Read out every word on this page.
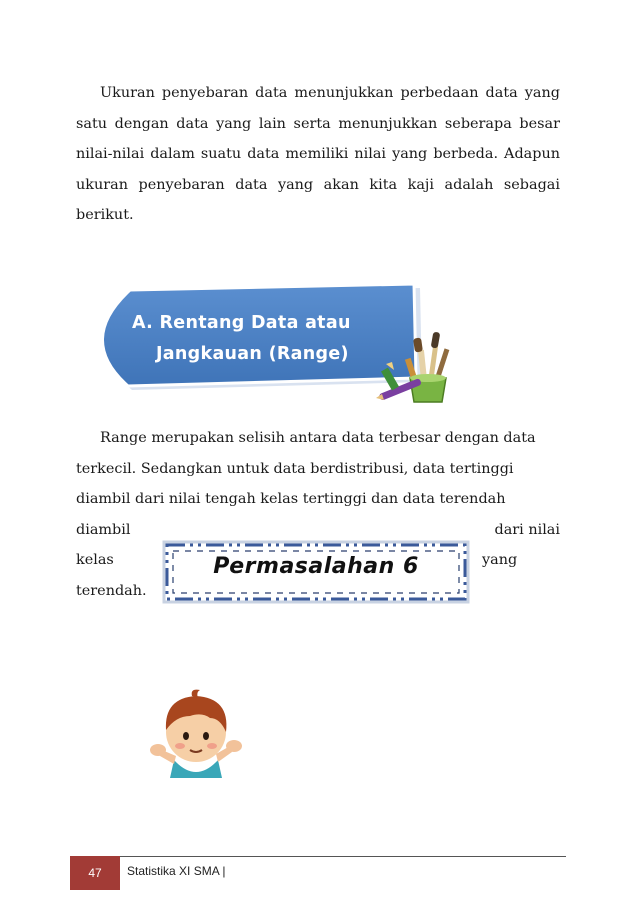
Ukuran penyebaran data menunjukkan perbedaan data yang satu dengan data yang lain serta menunjukkan seberapa besar nilai-nilai dalam suatu data memiliki nilai yang berbeda. Adapun ukuran penyebaran data yang akan kita kaji adalah sebagai berikut.

A. Rentang Data atau
Jangkauan (Range)

Range merupakan selisih antara data terbesar dengan data
terkecil. Sedangkan untuk data berdistribusi, data tertinggi
diambil dari nilai tengah kelas tertinggi dan data terendah

diambil	dari nilai
kelas	yang
terendah.

Permasalahan 6
47	Statistika XI SMA |
